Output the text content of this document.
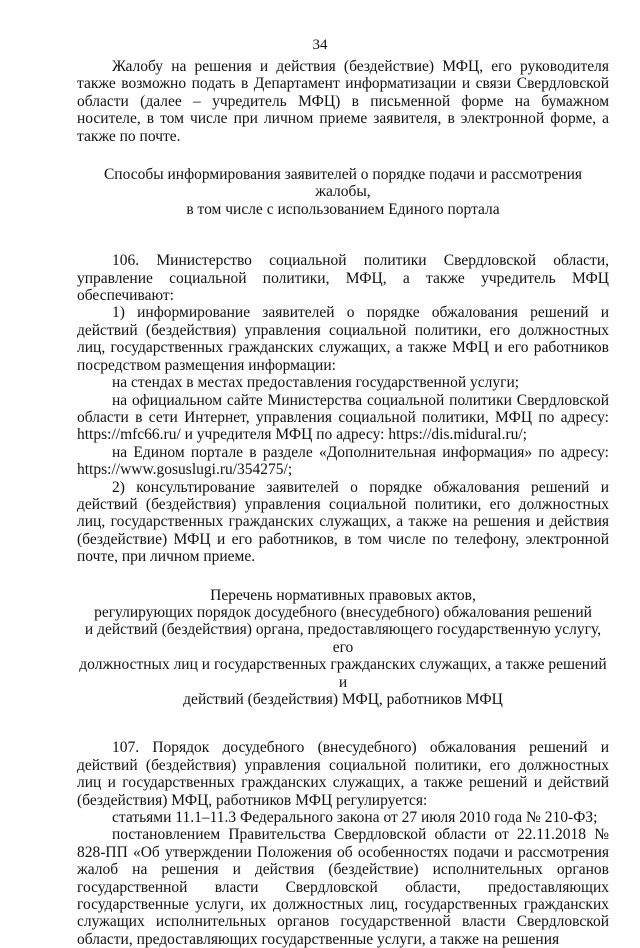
34

Жалобу на решения и действия (бездействие) МФЦ, его руководителя также возможно подать в Департамент информатизации и связи Свердловской области (далее – учредитель МФЦ) в письменной форме на бумажном носителе, в том числе при личном приеме заявителя, в электронной форме, а также по почте.

Способы информирования заявителей о порядке подачи и рассмотрения жалобы,

в том числе с использованием Единого портала

106. Министерство социальной политики Свердловской области, управление социальной политики, МФЦ, а также учредитель МФЦ обеспечивают:

1) информирование заявителей о порядке обжалования решений и действий (бездействия) управления социальной политики, его должностных лиц, государственных гражданских служащих, а также МФЦ и его работников посредством размещения информации:

на стендах в местах предоставления государственной услуги;

на официальном сайте Министерства социальной политики Свердловской области в сети Интернет, управления социальной политики, МФЦ по адресу: https://mfc66.ru/ и учредителя МФЦ по адресу: https://dis.midural.ru/;

на Едином портале в разделе «Дополнительная информация» по адресу: https://www.gosuslugi.ru/354275/;

2) консультирование заявителей о порядке обжалования решений и действий (бездействия) управления социальной политики, его должностных лиц, государственных гражданских служащих, а также на решения и действия (бездействие) МФЦ и его работников, в том числе по телефону, электронной почте, при личном приеме.

Перечень нормативных правовых актов,

регулирующих порядок досудебного (внесудебного) обжалования решений

и действий (бездействия) органа, предоставляющего государственную услугу, его

должностных лиц и государственных гражданских служащих, а также решений и

действий (бездействия) МФЦ, работников МФЦ

107. Порядок досудебного (внесудебного) обжалования решений и действий (бездействия) управления социальной политики, его должностных лиц и государственных гражданских служащих, а также решений и действий (бездействия) МФЦ, работников МФЦ регулируется:

статьями 11.1–11.3 Федерального закона от 27 июля 2010 года № 210-ФЗ;

постановлением Правительства Свердловской области от 22.11.2018 № 828-ПП «Об утверждении Положения об особенностях подачи и рассмотрения жалоб на решения и действия (бездействие) исполнительных органов государственной власти Свердловской области, предоставляющих государственные услуги, их должностных лиц, государственных гражданских служащих исполнительных органов государственной власти Свердловской области, предоставляющих государственные услуги, а также на решения
